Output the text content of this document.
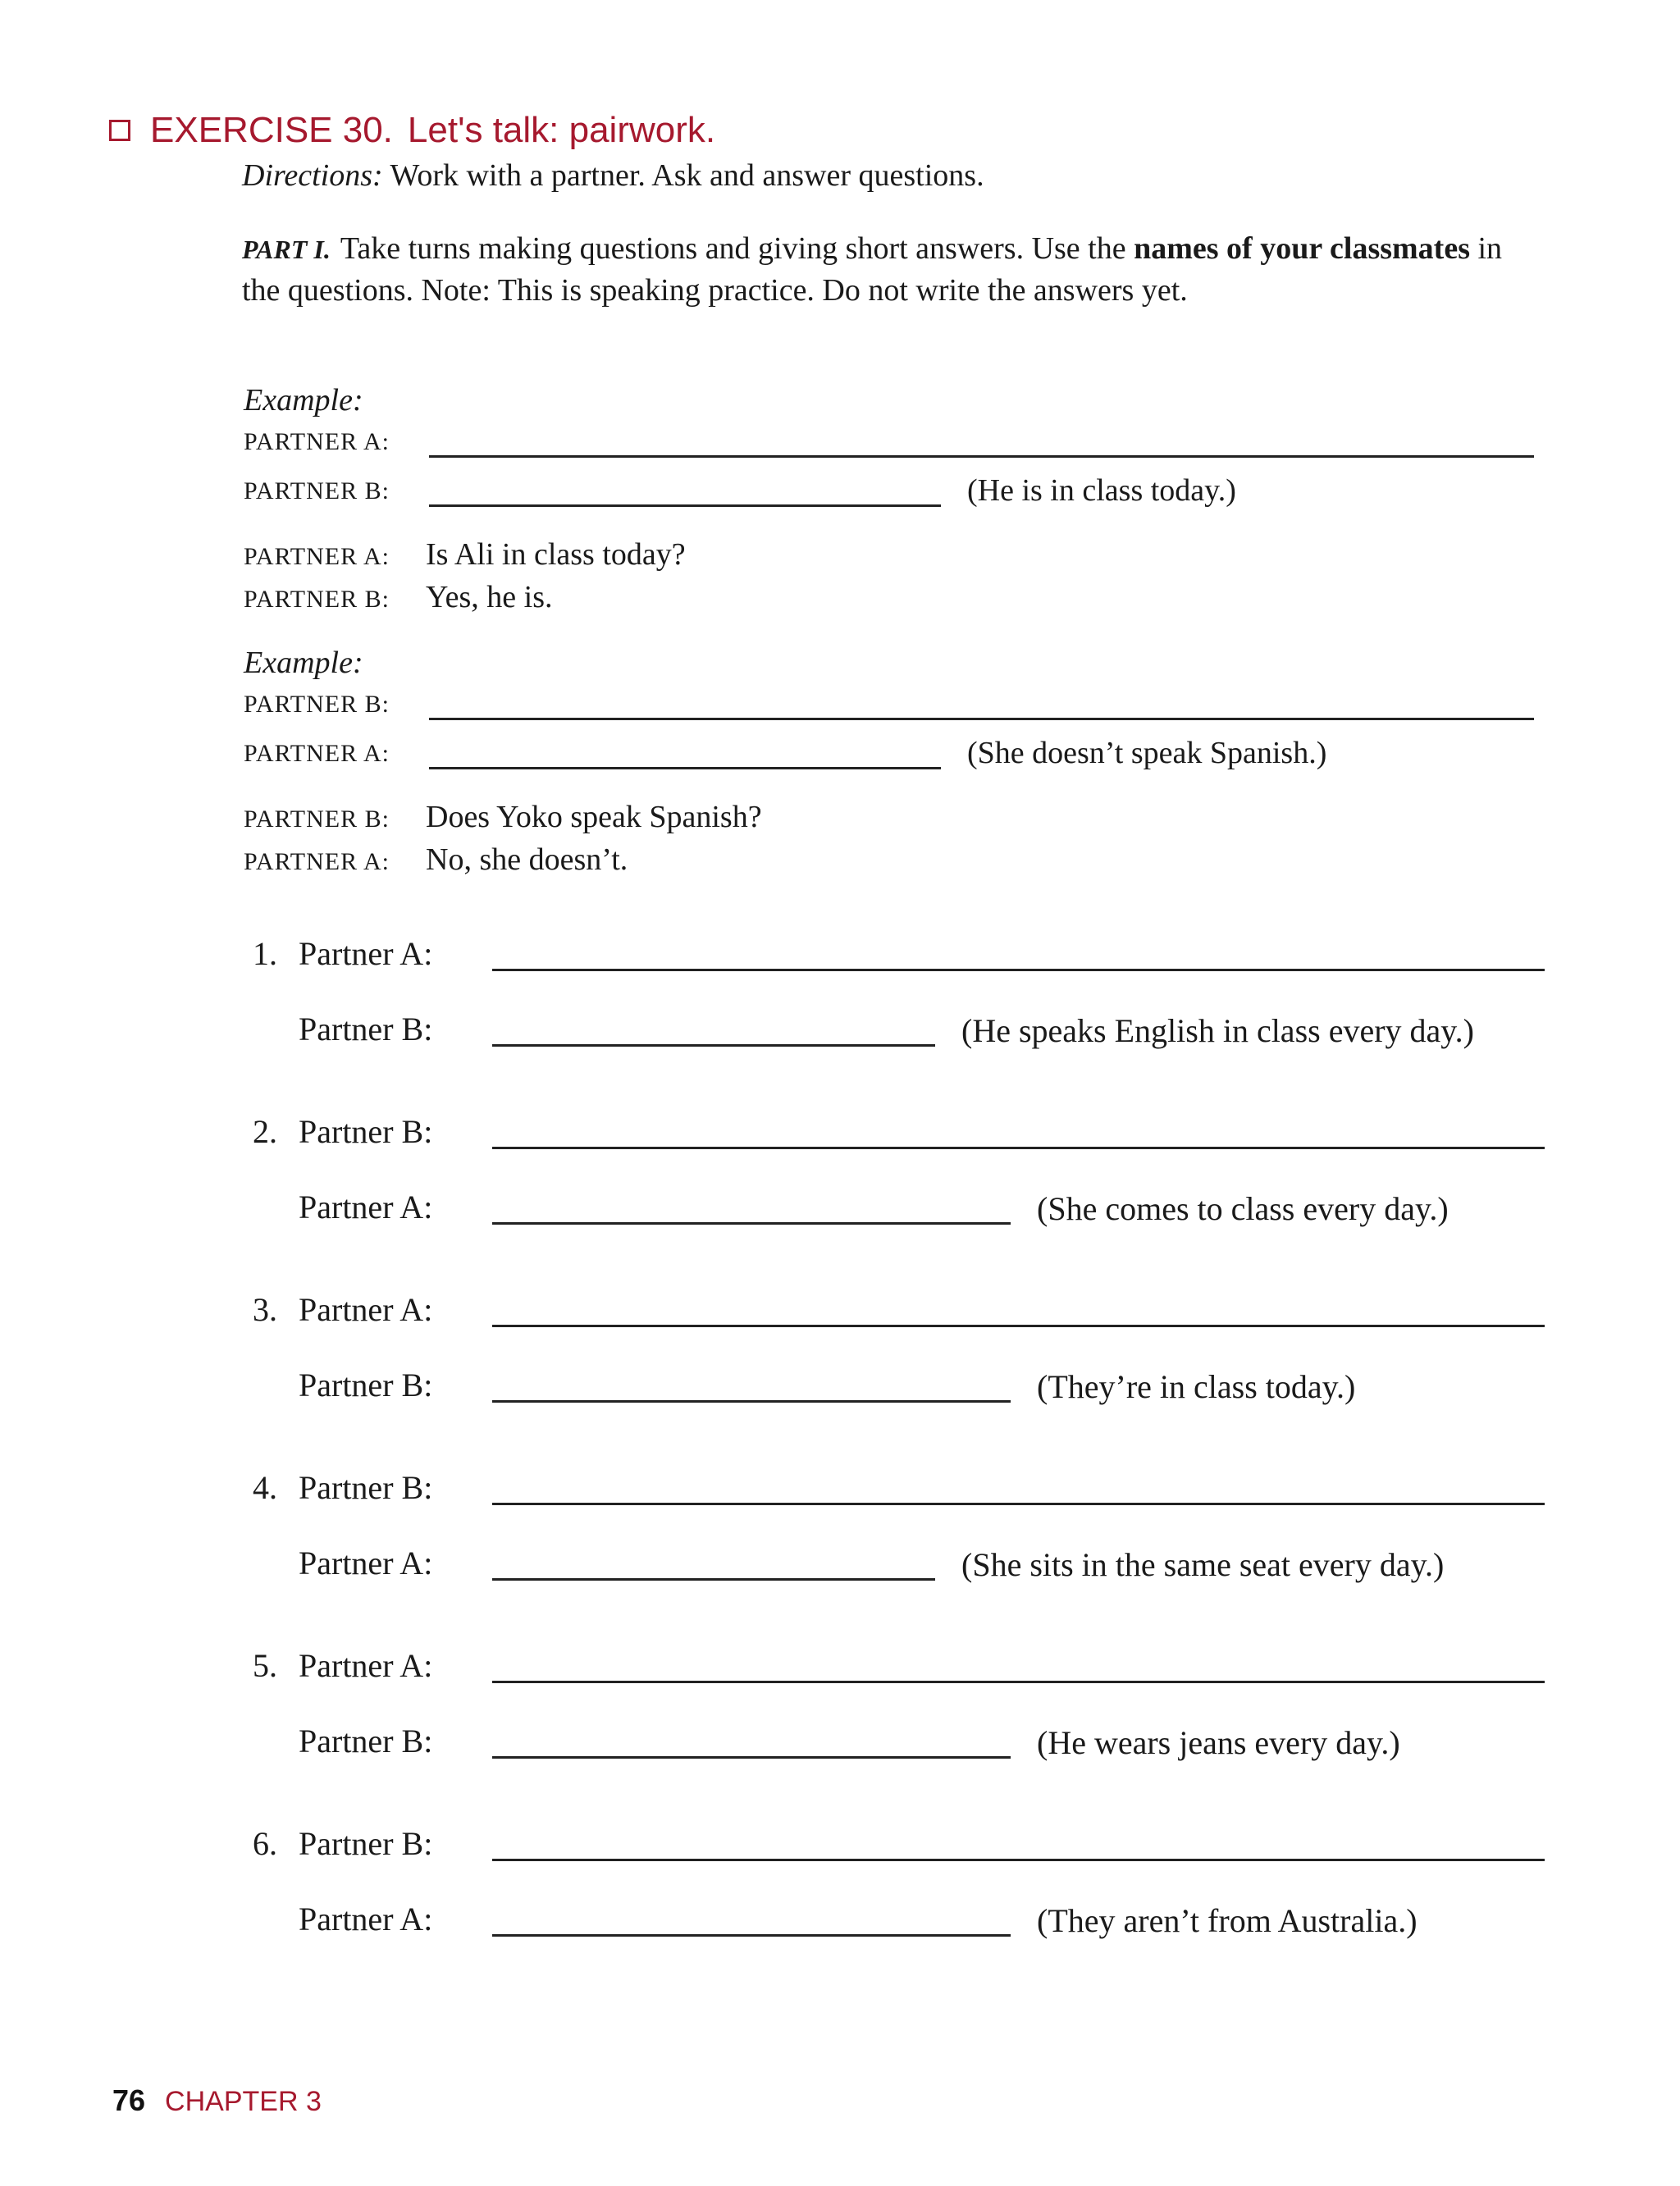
EXERCISE 30. Let's talk: pairwork.
Directions: Work with a partner. Ask and answer questions.
PART I. Take turns making questions and giving short answers. Use the names of your classmates in the questions. Note: This is speaking practice. Do not write the answers yet.
Example:
PARTNER A:
PARTNER B:	(He is in class today.)
PARTNER A: Is Ali in class today?
PARTNER B: Yes, he is.
Example:
PARTNER B:
PARTNER A:	(She doesn’t speak Spanish.)
PARTNER B: Does Yoko speak Spanish?
PARTNER A: No, she doesn’t.
1. Partner A:
Partner B:	(He speaks English in class every day.)
2. Partner B:
Partner A:	(She comes to class every day.)
3. Partner A:
Partner B:	(They’re in class today.)
4. Partner B:
Partner A:	(She sits in the same seat every day.)
5. Partner A:
Partner B:	(He wears jeans every day.)
6. Partner B:
Partner A:	(They aren’t from Australia.)
76 CHAPTER 3
